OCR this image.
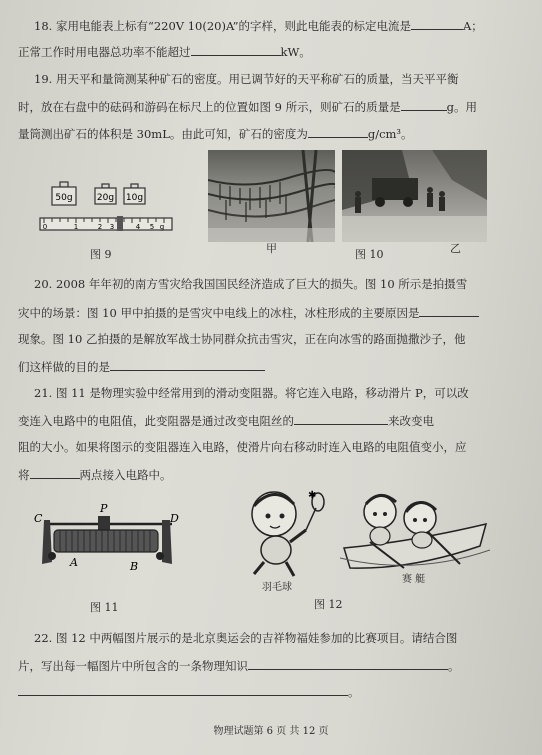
18. 家用电能表上标有“220V 10(20)A”的字样，则此电能表的标定电流是	A；
正常工作时用电器总功率不能超过	kW。
19. 用天平和量筒测某种矿石的密度。用已调节好的天平称矿石的质量，当天平平衡
时，放在右盘中的砝码和游码在标尺上的位置如图 9 所示，则矿石的质量是	g。用
量筒测出矿石的体积是 30mL。由此可知，矿石的密度为	g/cm³。
50g	20g 10g
0	1	2 3	4 5 g
图 9	甲	图 10	乙
20. 2008 年年初的南方雪灾给我国国民经济造成了巨大的损失。图 10 所示是拍摄雪
灾中的场景：图 10 甲中拍摄的是雪灾中电线上的冰柱，冰柱形成的主要原因是
现象。图 10 乙拍摄的是解放军战士协同群众抗击雪灾，正在向冰雪的路面抛撒沙子，他
们这样做的目的是
21. 图 11 是物理实验中经常用到的滑动变阻器。将它连入电路，移动滑片 P，可以改
变连入电路中的电阻值，此变阻器是通过改变电阻丝的	来改变电
阻的大小。如果将图示的变阻器连入电路，使滑片向右移动时连入电路的电阻值变小，应
将	两点接入电路中。
C
P
D
A	B
图 11
✱
羽毛球
赛 艇
图 12
22. 图 12 中两幅图片展示的是北京奥运会的吉祥物福娃参加的比赛项目。请结合图
片，写出每一幅图片中所包含的一条物理知识	。
。
物理试题第 6 页 共 12 页
